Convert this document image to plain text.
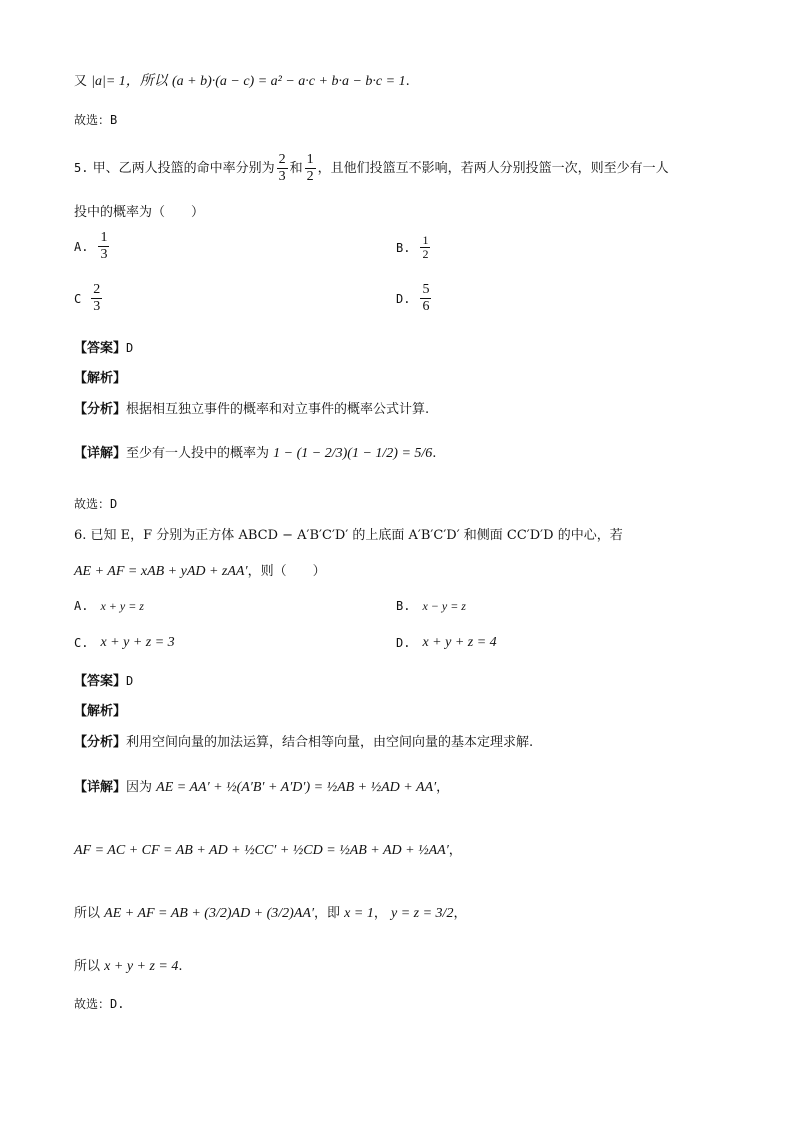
又 |a|= 1，所以 (a + b)·(a − c) = a² − a·c + b·a − b·c = 1.
故选：B
5. 甲、乙两人投篮的命中率分别为 $\frac{2}{3}$ 和 $\frac{1}{2}$ ，且他们投篮互不影响，若两人分别投篮一次，则至少有一人
投中的概率为（　　）
A. $\frac{1}{3}$	B. $\frac{1}{2}$
C $\frac{2}{3}$	D. $\frac{5}{6}$
【答案】D
【解析】
【分析】根据相互独立事件的概率和对立事件的概率公式计算.
【详解】至少有一人投中的概率为 1 − (1 − 2/3)(1 − 1/2) = 5/6.
故选：D
6. 已知 E，F 分别为正方体 ABCD − A′B′C′D′ 的上底面 A′B′C′D′ 和侧面 CC′D′D 的中心，若
AE + AF = xAB + yAD + zAA′，则（　　）
A. x + y = z	B. x − y = z
C. x + y + z = 3	D. x + y + z = 4
【答案】D
【解析】
【分析】利用空间向量的加法运算，结合相等向量，由空间向量的基本定理求解.
【详解】因为 AE = AA′ + ½(A′B′ + A′D′) = ½AB + ½AD + AA′，
AF = AC + CF = AB + AD + ½CC′ + ½CD = ½AB + AD + ½AA′，
所以 AE + AF = AB + (3/2)AD + (3/2)AA′，即 x = 1， y = z = 3/2，
所以 x + y + z = 4.
故选：D.
